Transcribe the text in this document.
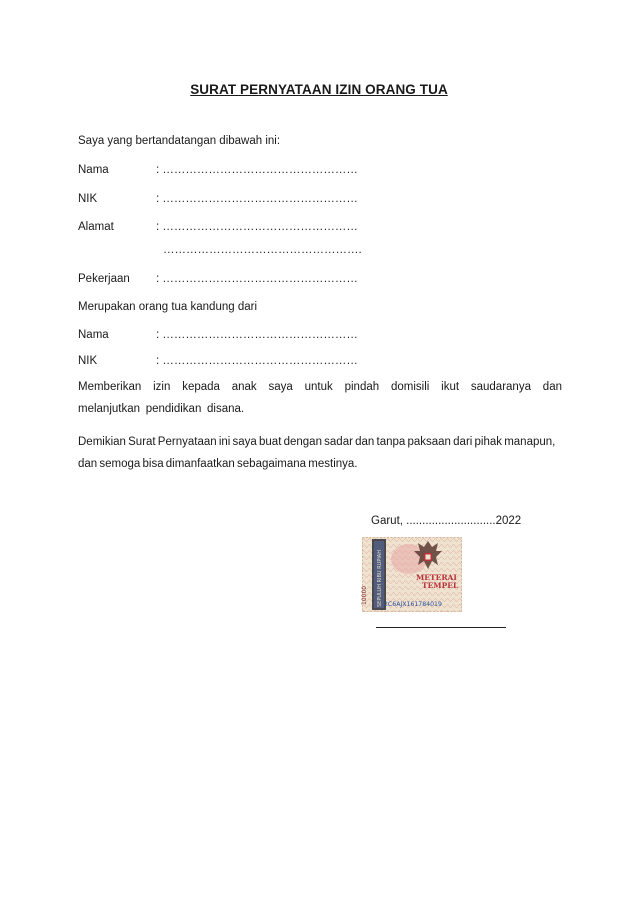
SURAT PERNYATAAN IZIN ORANG TUA
Saya yang bertandatangan dibawah ini:
Nama	: ……………………………………………
NIK	: ……………………………………………
Alamat	: ……………………………………………
…………………………………………….
Pekerjaan : ……………………………………………
Merupakan orang tua kandung dari
Nama	: ……………………………………………
NIK	: ……………………………………………
Memberikan izin kepada anak saya untuk pindah domisili ikut saudaranya dan melanjutkan pendidikan disana.
Demikian Surat Pernyataan ini saya buat dengan sadar dan tanpa paksaan dari pihak manapun, dan semoga bisa dimanfaatkan sebagaimana mestinya.
Garut, ............................2022
SEPULUH RIBU RUPIAH
10000
METERAI
TEMPEL
2C6AJX161784019
